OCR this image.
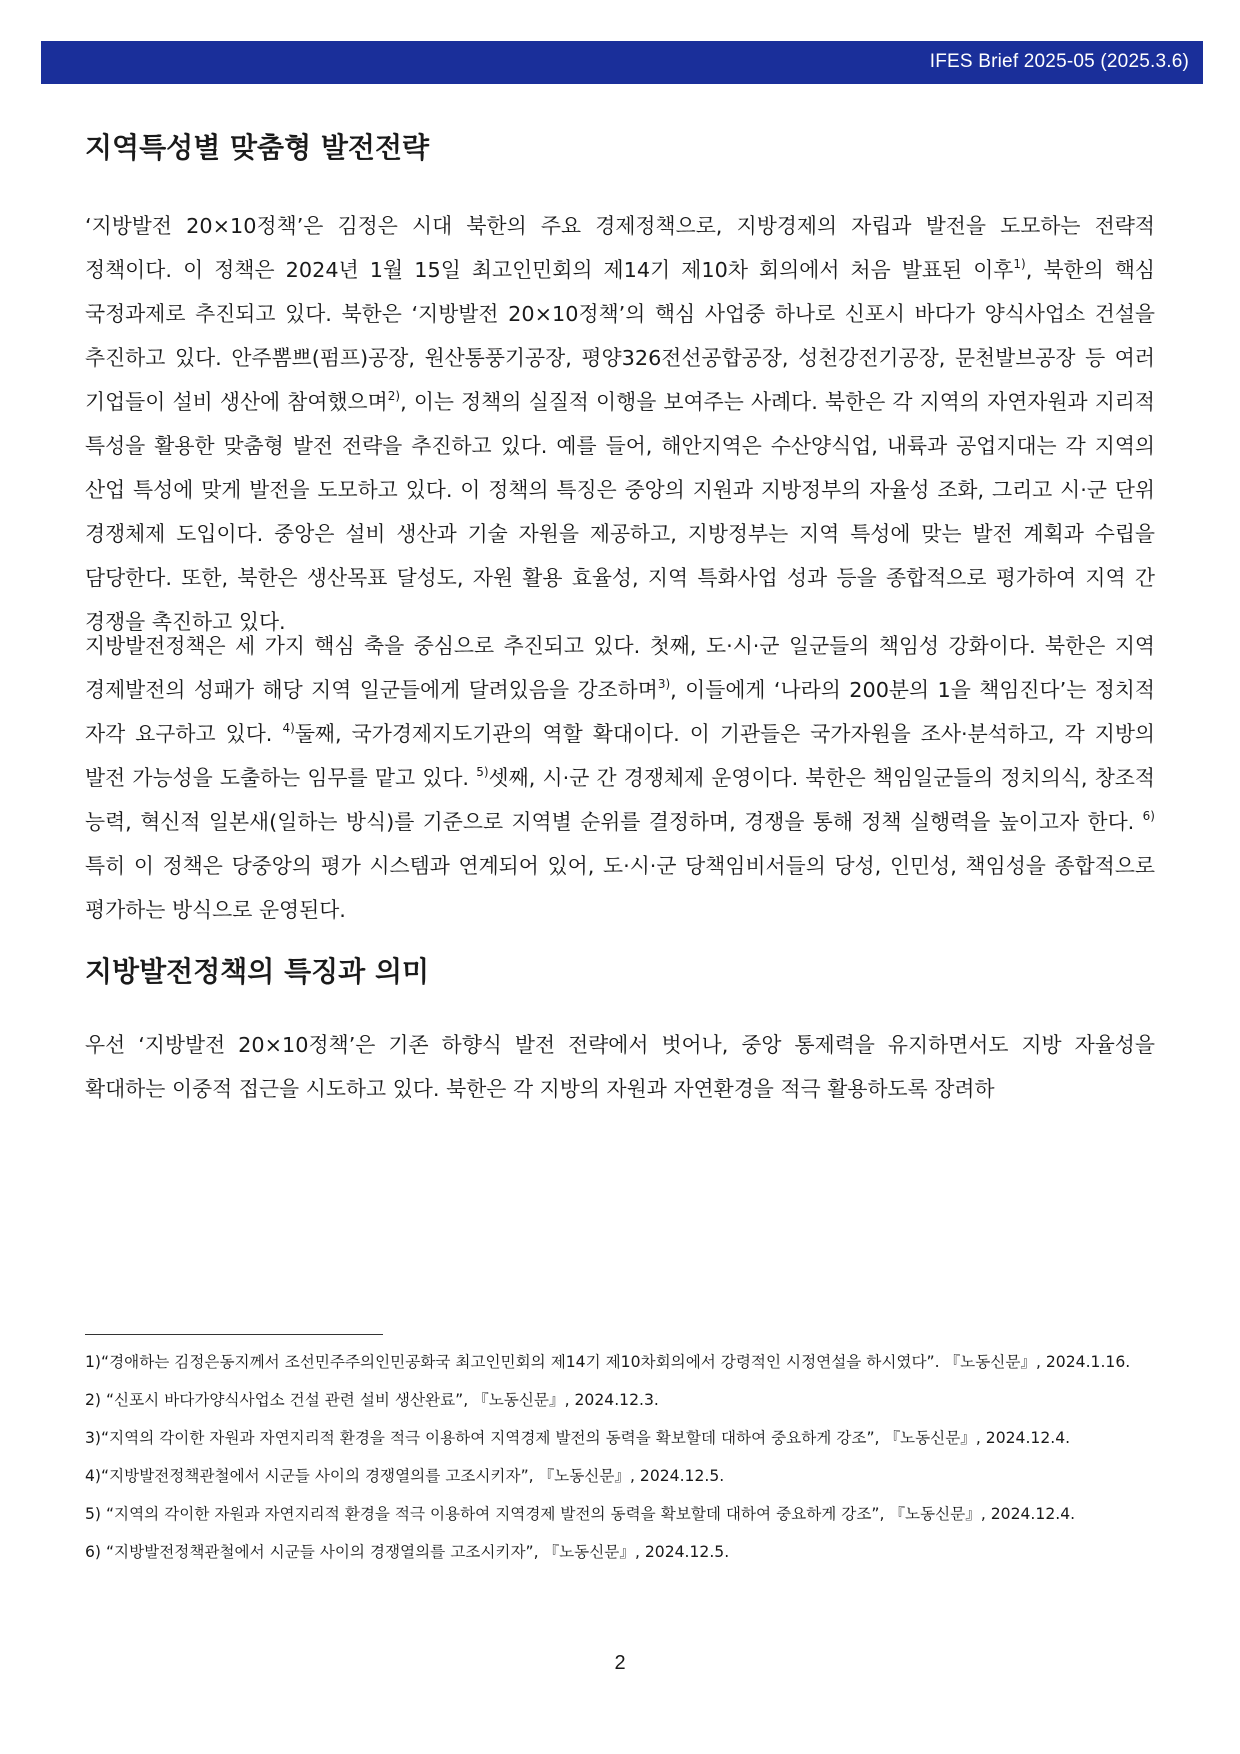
IFES Brief 2025-05 (2025.3.6)
지역특성별 맞춤형 발전전략

‘지방발전 20×10정책’은 김정은 시대 북한의 주요 경제정책으로, 지방경제의 자립과 발전을 도모하는 전략적 정책이다. 이 정책은 2024년 1월 15일 최고인민회의 제14기 제10차 회의에서 처음 발표된 이후$^{1)}$, 북한의 핵심 국정과제로 추진되고 있다. 북한은 ‘지방발전 20×10정책’의 핵심 사업중 하나로 신포시 바다가 양식사업소 건설을 추진하고 있다. 안주뽐쁘(펌프)공장, 원산통풍기공장, 평양326전선공합공장, 성천강전기공장, 문천발브공장 등 여러 기업들이 설비 생산에 참여했으며$^{2)}$, 이는 정책의 실질적 이행을 보여주는 사례다. 북한은 각 지역의 자연자원과 지리적 특성을 활용한 맞춤형 발전 전략을 추진하고 있다. 예를 들어, 해안지역은 수산양식업, 내륙과 공업지대는 각 지역의 산업 특성에 맞게 발전을 도모하고 있다. 이 정책의 특징은 중앙의 지원과 지방정부의 자율성 조화, 그리고 시·군 단위 경쟁체제 도입이다. 중앙은 설비 생산과 기술 자원을 제공하고, 지방정부는 지역 특성에 맞는 발전 계획과 수립을 담당한다. 또한, 북한은 생산목표 달성도, 자원 활용 효율성, 지역 특화사업 성과 등을 종합적으로 평가하여 지역 간 경쟁을 촉진하고 있다.

지방발전정책은 세 가지 핵심 축을 중심으로 추진되고 있다. 첫째, 도·시·군 일군들의 책임성 강화이다. 북한은 지역 경제발전의 성패가 해당 지역 일군들에게 달려있음을 강조하며$^{3)}$, 이들에게 ‘나라의 200분의 1을 책임진다’는 정치적 자각 요구하고 있다. $^{4)}$둘째, 국가경제지도기관의 역할 확대이다. 이 기관들은 국가자원을 조사·분석하고, 각 지방의 발전 가능성을 도출하는 임무를 맡고 있다. $^{5)}$셋째, 시·군 간 경쟁체제 운영이다. 북한은 책임일군들의 정치의식, 창조적 능력, 혁신적 일본새(일하는 방식)를 기준으로 지역별 순위를 결정하며, 경쟁을 통해 정책 실행력을 높이고자 한다. $^{6)}$특히 이 정책은 당중앙의 평가 시스템과 연계되어 있어, 도·시·군 당책임비서들의 당성, 인민성, 책임성을 종합적으로 평가하는 방식으로 운영된다.

지방발전정책의 특징과 의미

우선 ‘지방발전 20×10정책’은 기존 하향식 발전 전략에서 벗어나, 중앙 통제력을 유지하면서도 지방 자율성을 확대하는 이중적 접근을 시도하고 있다. 북한은 각 지방의 자원과 자연환경을 적극 활용하도록 장려하

1)“경애하는 김정은동지께서 조선민주주의인민공화국 최고인민회의 제14기 제10차회의에서 강령적인 시정연설을 하시였다”. 『노동신문』, 2024.1.16.
2) “신포시 바다가양식사업소 건설 관련 설비 생산완료”, 『노동신문』, 2024.12.3.
3)“지역의 각이한 자원과 자연지리적 환경을 적극 이용하여 지역경제 발전의 동력을 확보할데 대하여 중요하게 강조”, 『노동신문』, 2024.12.4.
4)“지방발전정책관철에서 시군들 사이의 경쟁열의를 고조시키자”, 『노동신문』, 2024.12.5.
5) “지역의 각이한 자원과 자연지리적 환경을 적극 이용하여 지역경제 발전의 동력을 확보할데 대하여 중요하게 강조”, 『노동신문』, 2024.12.4.
6) “지방발전정책관철에서 시군들 사이의 경쟁열의를 고조시키자”, 『노동신문』, 2024.12.5.
2
